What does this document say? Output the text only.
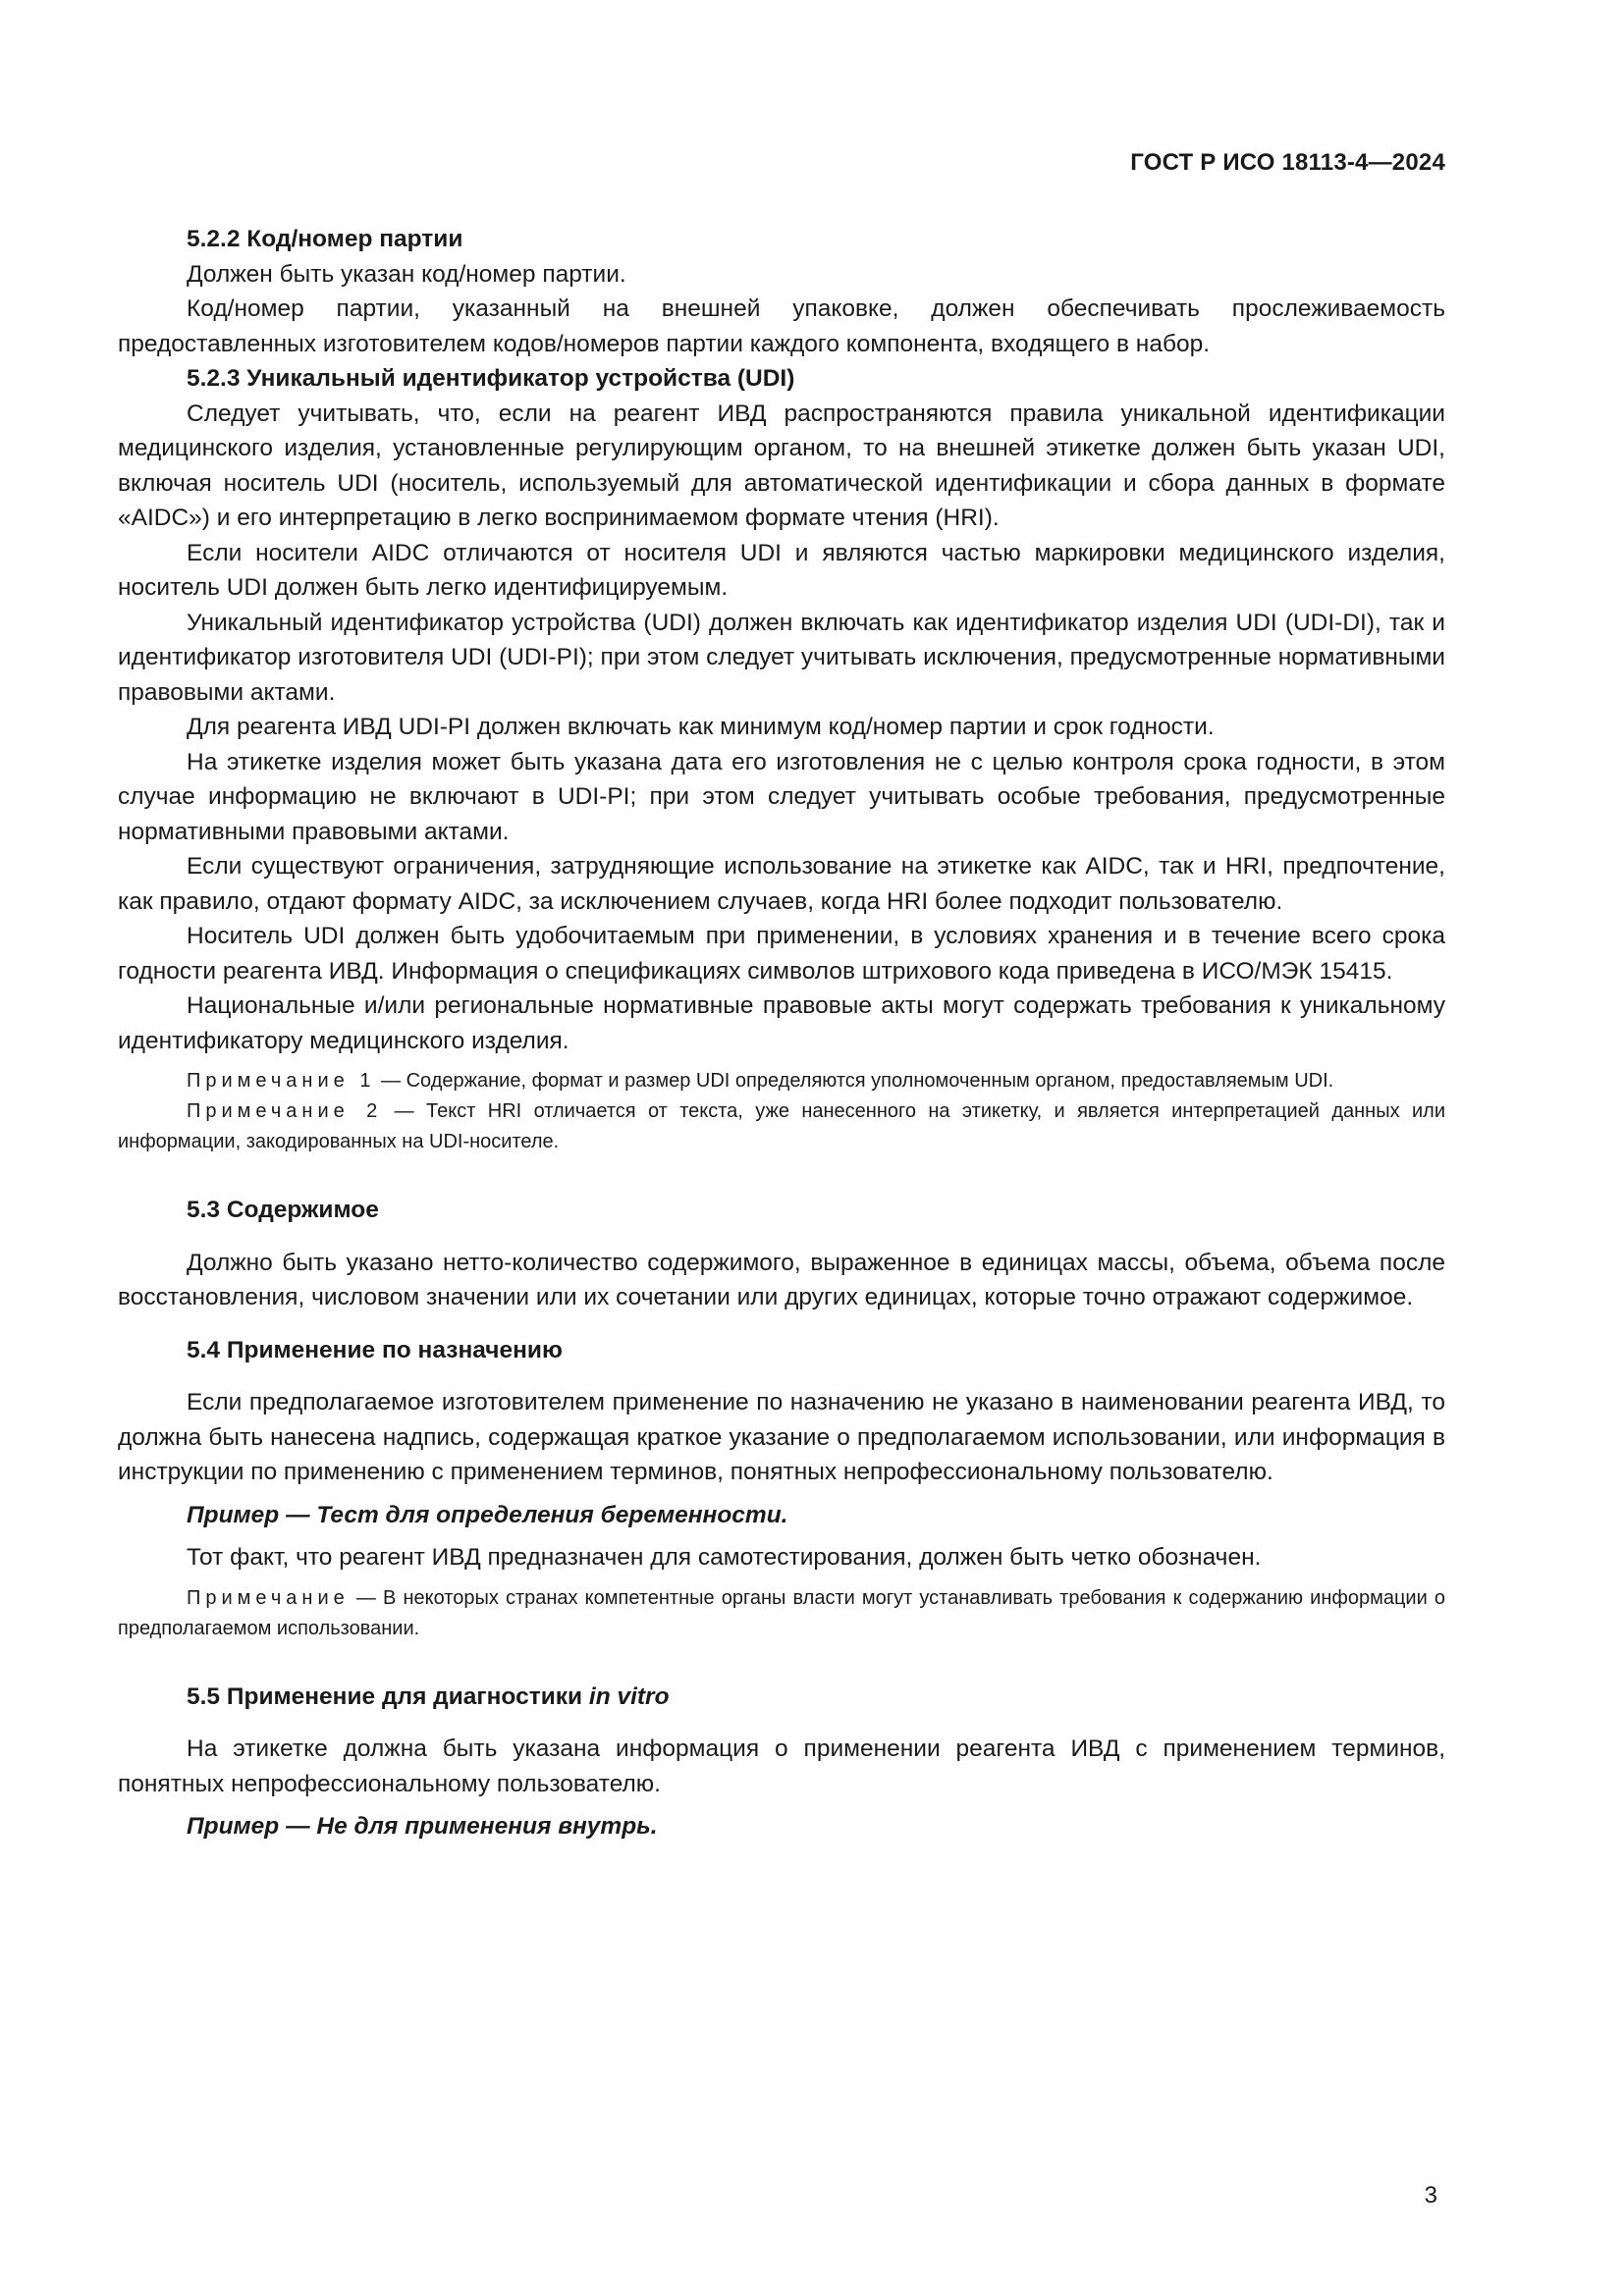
ГОСТ Р ИСО 18113-4—2024

5.2.2 Код/номер партии

Должен быть указан код/номер партии.

Код/номер партии, указанный на внешней упаковке, должен обеспечивать прослеживаемость предоставленных изготовителем кодов/номеров партии каждого компонента, входящего в набор.

5.2.3 Уникальный идентификатор устройства (UDI)

Следует учитывать, что, если на реагент ИВД распространяются правила уникальной идентификации медицинского изделия, установленные регулирующим органом, то на внешней этикетке должен быть указан UDI, включая носитель UDI (носитель, используемый для автоматической идентификации и сбора данных в формате «AIDC») и его интерпретацию в легко воспринимаемом формате чтения (HRI).

Если носители AIDC отличаются от носителя UDI и являются частью маркировки медицинского изделия, носитель UDI должен быть легко идентифицируемым.

Уникальный идентификатор устройства (UDI) должен включать как идентификатор изделия UDI (UDI-DI), так и идентификатор изготовителя UDI (UDI-PI); при этом следует учитывать исключения, предусмотренные нормативными правовыми актами.

Для реагента ИВД UDI-PI должен включать как минимум код/номер партии и срок годности.

На этикетке изделия может быть указана дата его изготовления не с целью контроля срока годности, в этом случае информацию не включают в UDI-PI; при этом следует учитывать особые требования, предусмотренные нормативными правовыми актами.

Если существуют ограничения, затрудняющие использование на этикетке как AIDC, так и HRI, предпочтение, как правило, отдают формату AIDC, за исключением случаев, когда HRI более подходит пользователю.

Носитель UDI должен быть удобочитаемым при применении, в условиях хранения и в течение всего срока годности реагента ИВД. Информация о спецификациях символов штрихового кода приведена в ИСО/МЭК 15415.

Национальные и/или региональные нормативные правовые акты могут содержать требования к уникальному идентификатору медицинского изделия.

Примечание 1 — Содержание, формат и размер UDI определяются уполномоченным органом, предоставляемым UDI.

Примечание 2 — Текст HRI отличается от текста, уже нанесенного на этикетку, и является интерпретацией данных или информации, закодированных на UDI-носителе.

5.3 Содержимое

Должно быть указано нетто-количество содержимого, выраженное в единицах массы, объема, объема после восстановления, числовом значении или их сочетании или других единицах, которые точно отражают содержимое.

5.4 Применение по назначению

Если предполагаемое изготовителем применение по назначению не указано в наименовании реагента ИВД, то должна быть нанесена надпись, содержащая краткое указание о предполагаемом использовании, или информация в инструкции по применению с применением терминов, понятных непрофессиональному пользователю.

Пример — Тест для определения беременности.

Тот факт, что реагент ИВД предназначен для самотестирования, должен быть четко обозначен.

Примечание — В некоторых странах компетентные органы власти могут устанавливать требования к содержанию информации о предполагаемом использовании.

5.5 Применение для диагностики in vitro

На этикетке должна быть указана информация о применении реагента ИВД с применением терминов, понятных непрофессиональному пользователю.

Пример — Не для применения внутрь.

3
